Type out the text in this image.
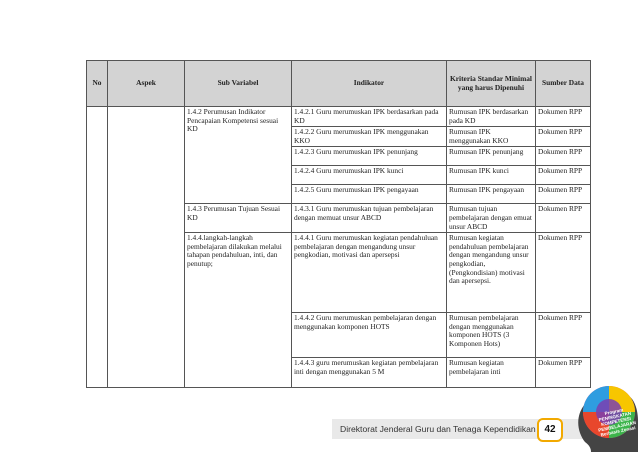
No	Aspek	Sub Variabel	Indikator	Kriteria Standar Minimal yang harus Dipenuhi	Sumber Data
		1.4.2 Perumusan Indikator Pencapaian Kompetensi sesuai KD	1.4.2.1 Guru merumuskan IPK berdasarkan pada KD	Rumusan IPK berdasarkan pada KD	Dokumen RPP
			1.4.2.2 Guru merumuskan IPK menggunakan KKO	Rumusan IPK menggunakan KKO	Dokumen RPP
			1.4.2.3 Guru merumuskan IPK penunjang	Rumusan IPK penunjang	Dokumen RPP
			1.4.2.4 Guru merumuskan IPK kunci	Rumusan IPK kunci	Dokumen RPP
			1.4.2.5 Guru merumuskan IPK pengayaan	Rumusan IPK pengayaan	Dokumen RPP
		1.4.3 Perumusan Tujuan Sesuai KD	1.4.3.1 Guru merumuskan tujuan pembelajaran dengan memuat unsur ABCD	Rumusan tujuan pembelajaran dengan emuat unsur ABCD	Dokumen RPP
		1.4.4.langkah-langkah pembelajaran dilakukan melalui tahapan pendahuluan, inti, dan penutup;	1.4.4.1 Guru merumuskan kegiatan pendahuluan pembelajaran dengan mengandung unsur pengkodian, motivasi dan apersepsi	Rumusan kegiatan pendahuluan pembelajaran dengan mengandung unsur pengkodian, (Pengkondisian) motivasi dan apersepsi.	Dokumen RPP
			1.4.4.2 Guru merumuskan pembelajaran dengan menggunakan komponen HOTS	Rumusan pembelajaran dengan menggunakan komponen HOTS (3 Komponen Hots)	Dokumen RPP
			1.4.4.3 guru merumuskan kegiatan pembelajaran inti dengan menggunakan 5 M	Rumusan kegiatan pembelajaran inti	Dokumen RPP
Direktorat Jenderal Guru dan Tenaga Kependidikan 42
Program PENINGKATAN KOMPETENSI PEMBELAJARAN Berbasis Zonasi
